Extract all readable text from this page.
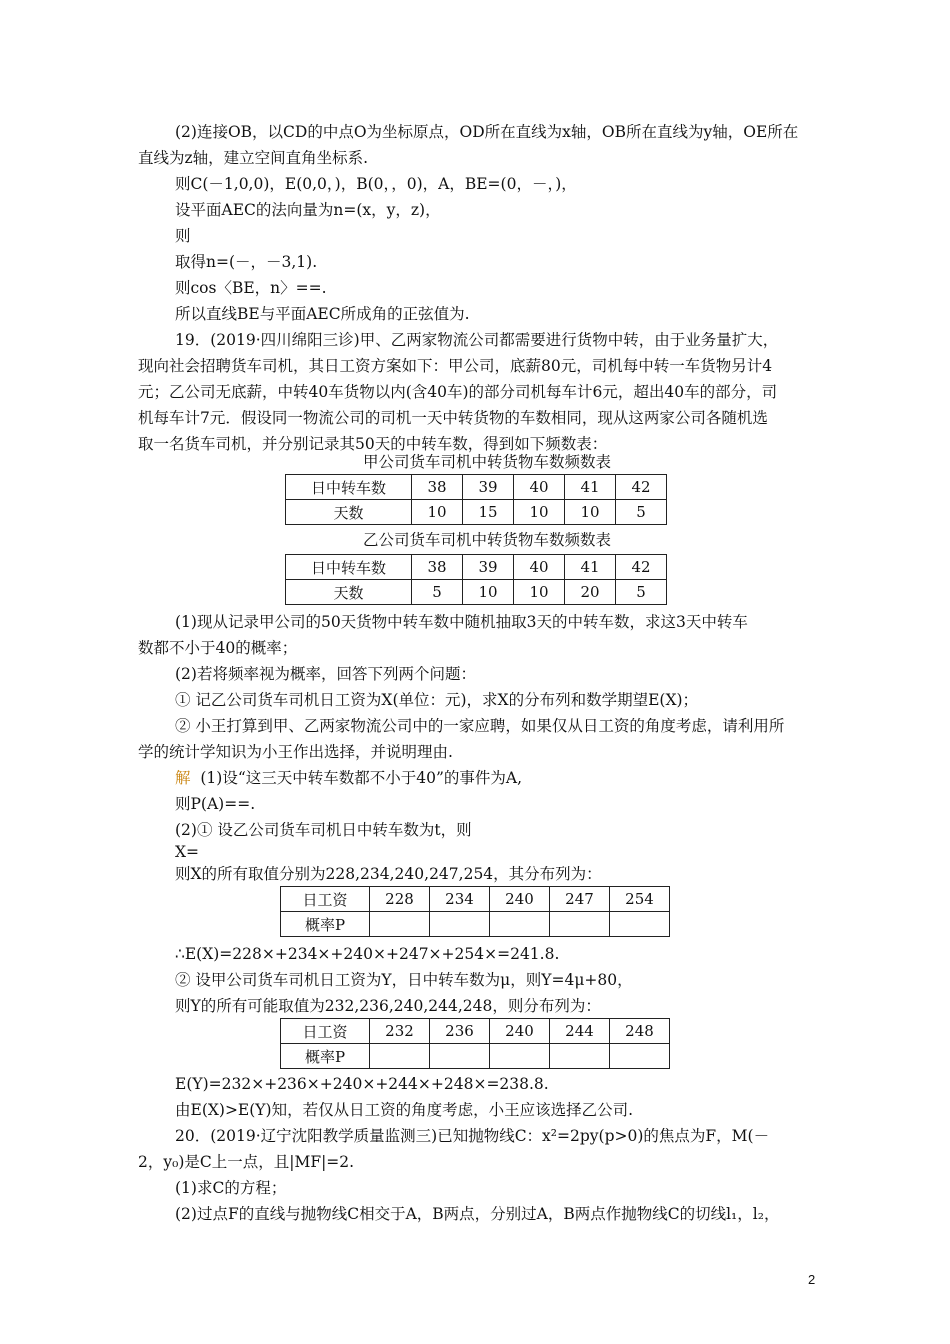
(2)连接OB，以CD的中点O为坐标原点，OD所在直线为x轴，OB所在直线为y轴，OE所在
直线为z轴，建立空间直角坐标系.
则C(－1,0,0)，E(0,0，)，B(0，，0)，A，BE=(0，－，)，
设平面AEC的法向量为n=(x，y，z)，
则
取得n=(－，－3,1).
则cos〈BE，n〉==.
所以直线BE与平面AEC所成角的正弦值为.
19．(2019·四川绵阳三诊)甲、乙两家物流公司都需要进行货物中转，由于业务量扩大，
现向社会招聘货车司机，其日工资方案如下：甲公司，底薪80元，司机每中转一车货物另计4
元；乙公司无底薪，中转40车货物以内(含40车)的部分司机每车计6元，超出40车的部分，司
机每车计7元．假设同一物流公司的司机一天中转货物的车数相同，现从这两家公司各随机选
取一名货车司机，并分别记录其50天的中转车数，得到如下频数表：
甲公司货车司机中转货物车数频数表
日中转车数	38	39	40	41	42
天数	10	15	10	10	5
乙公司货车司机中转货物车数频数表
日中转车数	38	39	40	41	42
天数	5	10	10	20	5
(1)现从记录甲公司的50天货物中转车数中随机抽取3天的中转车数，求这3天中转车
数都不小于40的概率；
(2)若将频率视为概率，回答下列两个问题：
① 记乙公司货车司机日工资为X(单位：元)，求X的分布列和数学期望E(X)；
② 小王打算到甲、乙两家物流公司中的一家应聘，如果仅从日工资的角度考虑，请利用所
学的统计学知识为小王作出选择，并说明理由.
解 (1)设“这三天中转车数都不小于40”的事件为A,
则P(A)==.
(2)① 设乙公司货车司机日中转车数为t，则
X=
则X的所有取值分别为228,234,240,247,254，其分布列为：
日工资	228	234	240	247	254
概率P					
∴E(X)=228×+234×+240×+247×+254×=241.8.
② 设甲公司货车司机日工资为Y，日中转车数为μ，则Y=4μ+80，
则Y的所有可能取值为232,236,240,244,248，则分布列为：
日工资	232	236	240	244	248
概率P					
E(Y)=232×+236×+240×+244×+248×=238.8.
由E(X)>E(Y)知，若仅从日工资的角度考虑，小王应该选择乙公司.
20．(2019·辽宁沈阳教学质量监测三)已知抛物线C：x²=2py(p>0)的焦点为F，M(－
2，y₀)是C上一点，且|MF|=2.
(1)求C的方程；
(2)过点F的直线与抛物线C相交于A，B两点，分别过A，B两点作抛物线C的切线l₁，l₂，
2
